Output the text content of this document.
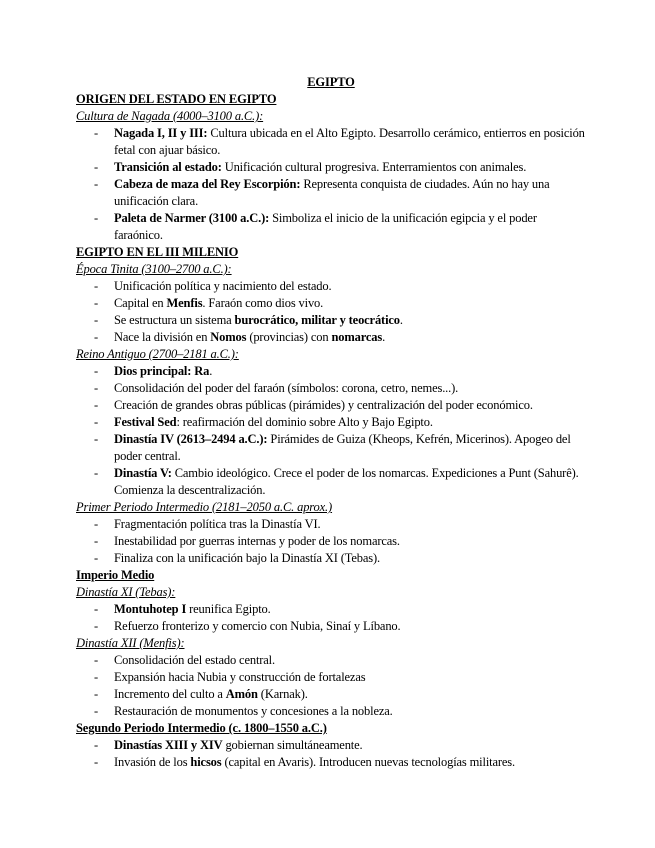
EGIPTO
ORIGEN DEL ESTADO EN EGIPTO
Cultura de Nagada (4000–3100 a.C.):
- Nagada I, II y III: Cultura ubicada en el Alto Egipto. Desarrollo cerámico, entierros en posición fetal con ajuar básico.
- Transición al estado: Unificación cultural progresiva. Enterramientos con animales.
- Cabeza de maza del Rey Escorpión: Representa conquista de ciudades. Aún no hay una unificación clara.
- Paleta de Narmer (3100 a.C.): Simboliza el inicio de la unificación egipcia y el poder faraónico.
EGIPTO EN EL III MILENIO
Época Tinita (3100–2700 a.C.):
- Unificación política y nacimiento del estado.
- Capital en Menfis. Faraón como dios vivo.
- Se estructura un sistema burocrático, militar y teocrático.
- Nace la división en Nomos (provincias) con nomarcas.
Reino Antiguo (2700–2181 a.C.):
- Dios principal: Ra.
- Consolidación del poder del faraón (símbolos: corona, cetro, nemes...).
- Creación de grandes obras públicas (pirámides) y centralización del poder económico.
- Festival Sed: reafirmación del dominio sobre Alto y Bajo Egipto.
- Dinastía IV (2613–2494 a.C.): Pirámides de Guiza (Kheops, Kefrén, Micerinos). Apogeo del poder central.
- Dinastía V: Cambio ideológico. Crece el poder de los nomarcas. Expediciones a Punt (Sahurê). Comienza la descentralización.
Primer Periodo Intermedio (2181–2050 a.C. aprox.)
- Fragmentación política tras la Dinastía VI.
- Inestabilidad por guerras internas y poder de los nomarcas.
- Finaliza con la unificación bajo la Dinastía XI (Tebas).
Imperio Medio
Dinastía XI (Tebas):
- Montuhotep I reunifica Egipto.
- Refuerzo fronterizo y comercio con Nubia, Sinaí y Líbano.
Dinastía XII (Menfis):
- Consolidación del estado central.
- Expansión hacia Nubia y construcción de fortalezas
- Incremento del culto a Amón (Karnak).
- Restauración de monumentos y concesiones a la nobleza.
Segundo Periodo Intermedio (c. 1800–1550 a.C.)
- Dinastías XIII y XIV gobiernan simultáneamente.
- Invasión de los hicsos (capital en Avaris). Introducen nuevas tecnologías militares.
